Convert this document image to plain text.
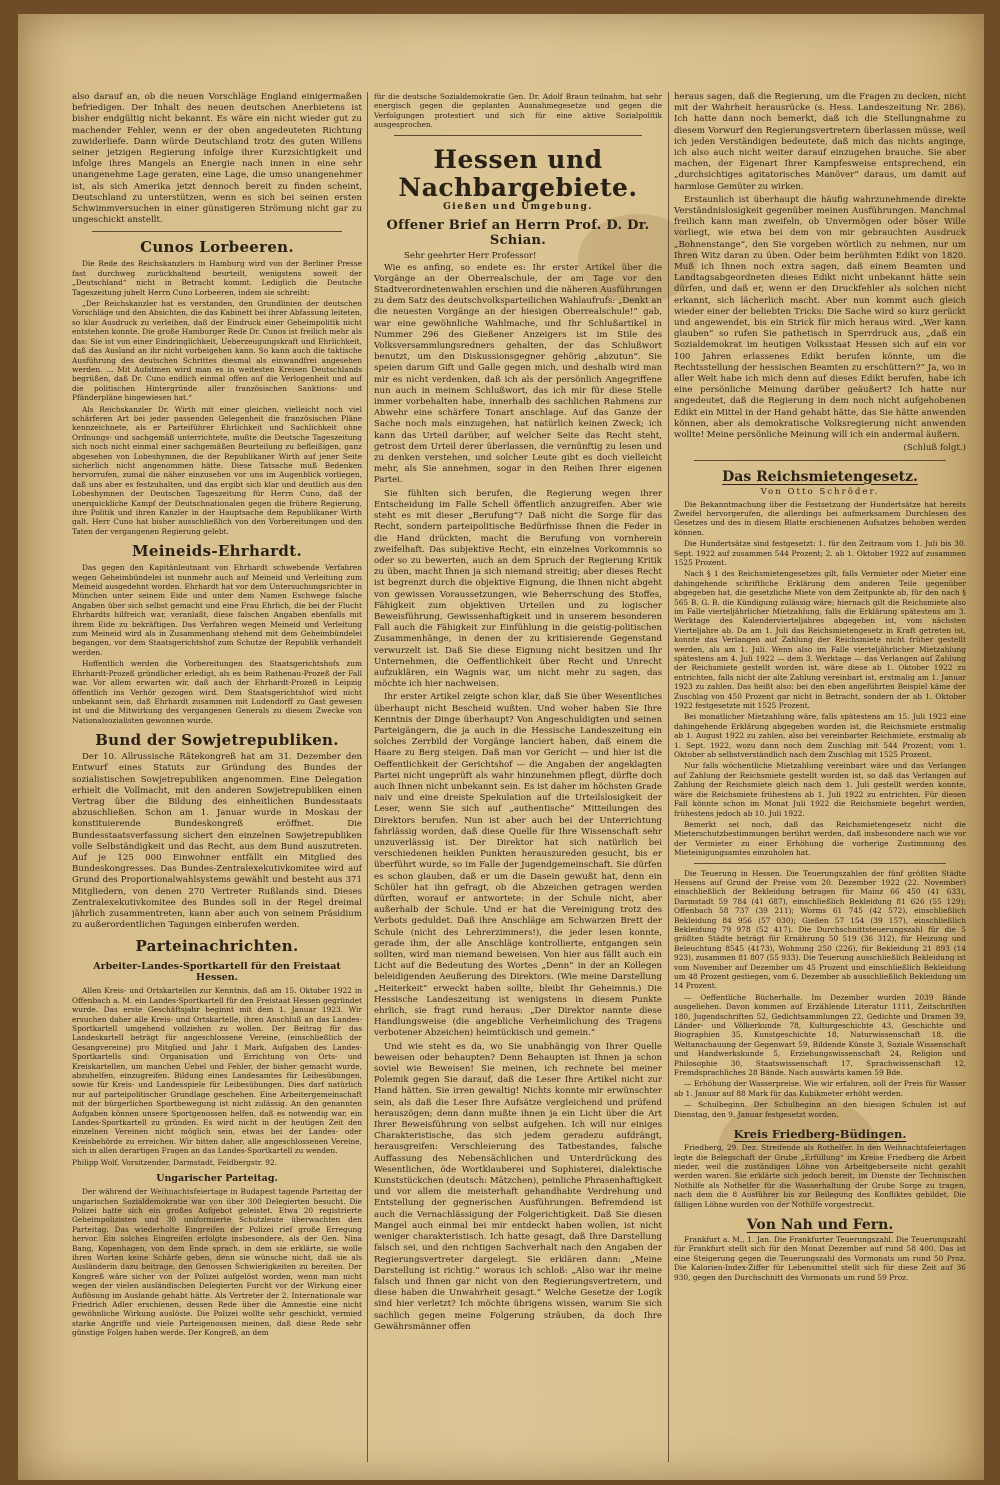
also darauf an, ob die neuen Vorschläge England einigermaßen befriedigen. Der Inhalt des neuen deutschen Anerbietens ist bisher endgültig nicht bekannt. Es wäre ein nicht wieder gut zu machender Fehler, wenn er der oben angedeuteten Richtung zuwiderliefe. Dann würde Deutschland trotz des guten Willens seiner jetzigen Regierung infolge ihrer Kurzsichtigkeit und infolge ihres Mangels an Energie nach innen in eine sehr unangenehme Lage geraten, eine Lage, die umso unangenehmer ist, als sich Amerika jetzt dennoch bereit zu finden scheint, Deutschland zu unterstützen, wenn es sich bei seinen ersten Schwimmversuchen in einer günstigeren Strömung nicht gar zu ungeschickt anstellt.

Cunos Lorbeeren.

Die Rede des Reichskanzlers in Hamburg wird von der Berliner Presse fast durchweg zurückhaltend beurteilt, wenigstens soweit der „Deutschland“ nicht in Betracht kommt. Lediglich die Deutsche Tageszeitung jubelt Herrn Cuno Lorbeeren, indem sie schreibt:

„Der Reichskanzler hat es verstanden, den Grundlinien der deutschen Vorschläge und den Absichten, die das Kabinett bei ihrer Abfassung leiteten, so klar Ausdruck zu verleihen, daß der Eindruck einer Geheimpolitik nicht entstehen konnte. Die große Hamburger Rede Dr. Cunos ist freilich mehr als das: Sie ist von einer Eindringlichkeit, Ueberzeugungskraft und Ehrlichkeit, daß das Ausland an ihr nicht vorbeigehen kann. So kann auch die taktische Ausführung des deutschen Schrittes diesmal als einwandfrei angesehen werden. ... Mit Aufatmen wird man es in weitesten Kreisen Deutschlands begrüßen, daß Dr. Cuno endlich einmal offen auf die Verlogenheit und auf die politischen Hintergründe aller französischen Sanktions- und Pfänderpläne hingewiesen hat.“

Als Reichskanzler Dr. Wirth mit einer gleichen, vielleicht noch viel schärferen Art bei jeder passenden Gelegenheit die französischen Pläne kennzeichnete, als er Parteiführer Ehrlichkeit und Sachlichkeit ohne Ordnungs- und sachgemäß unterrichtete, mußte die Deutsche Tageszeitung sich noch nicht einmal einer sachgemäßen Beurteilung zu befleißigen, ganz abgesehen von Lobeshymnen, die der Republikaner Wirth auf jener Seite sicherlich nicht angenommen hätte. Diese Tatsache muß Bedenken hervorrufen, zumal die näher einzusehen vor uns im Augenblick vorliegen, daß uns aber es festzuhalten, und das ergibt sich klar und deutlich aus den Lobeshymnen der Deutschen Tageszeitung für Herrn Cuno, daß der unerquickliche Kampf der Deutschnationalen gegen die frühere Regierung, ihre Politik und ihren Kanzler in der Hauptsache dem Republikaner Wirth galt. Herr Cuno hat bisher ausschließlich von den Vorbereitungen und den Taten der vergangenen Regierung gelebt.

Meineids-Ehrhardt.

Das gegen den Kapitänleutnant von Ehrhardt schwebende Verfahren wegen Geheimbündelei ist nunmehr auch auf Meineid und Verleitung zum Meineid ausgedehnt worden. Ehrhardt hat vor dem Untersuchungsrichter in München unter seinem Eide und unter dem Namen Eschwege falsche Angaben über sich selbst gemacht und eine Frau Ehrlich, die bei der Flucht Ehrhardts hilfreich war, veranlaßt, diese falschen Angaben ebenfalls mit ihrem Eide zu bekräftigen. Das Verfahren wegen Meineid und Verleitung zum Meineid wird als in Zusammenhang stehend mit dem Geheimbündelei begangen, vor dem Staatsgerichtshof zum Schutze der Republik verhandelt werden.

Hoffentlich werden die Vorbereitungen des Staatsgerichtshofs zum Ehrhardt-Prozeß gründlicher erledigt, als es beim Rathenau-Prozeß der Fall war. Vor allem erwarten wir, daß auch der Ehrhardt-Prozeß in Leipzig öffentlich ins Verhör gezogen wird. Dem Staatsgerichtshof wird nicht unbekannt sein, daß Ehrhardt zusammen mit Ludendorff zu Gast gewesen ist und die Mitwirkung des vergangenen Generals zu diesem Zwecke von Nationalsozialisten gewonnen wurde.

Bund der Sowjetrepubliken.

Der 10. Allrussische Rätekongreß hat am 31. Dezember den Entwurf eines Statuts zur Gründung des Bundes der sozialistischen Sowjetrepubliken angenommen. Eine Delegation erhielt die Vollmacht, mit den anderen Sowjetrepubliken einen Vertrag über die Bildung des einheitlichen Bundesstaats abzuschließen. Schon am 1. Januar wurde in Moskau der konstituierende Bundeskongreß eröffnet. Die Bundesstaatsverfassung sichert den einzelnen Sowjetrepubliken volle Selbständigkeit und das Recht, aus dem Bund auszutreten. Auf je 125 000 Einwohner entfällt ein Mitglied des Bundeskongresses. Das Bundes-Zentralexekutivkomitee wird auf Grund des Proportionalwahlsystems gewählt und besteht aus 371 Mitgliedern, von denen 270 Vertreter Rußlands sind. Dieses Zentralexekutivkomitee des Bundes soll in der Regel dreimal jährlich zusammentreten, kann aber auch von seinem Präsidium zu außerordentlichen Tagungen einberufen werden.

Parteinachrichten.
Arbeiter-Landes-Sportkartell für den Freistaat Hessen.

Allen Kreis- und Ortskartellen zur Kenntnis, daß am 15. Oktober 1922 in Offenbach a. M. ein Landes-Sportkartell für den Freistaat Hessen gegründet wurde. Das erste Geschäftsjahr beginnt mit dem 1. Januar 1923. Wir ersuchen daher alle Kreis- und Ortskartelle, ihren Anschluß an das Landes-Sportkartell umgehend vollziehen zu wollen. Der Beitrag für das Landeskartell beträgt für angeschlossene Vereine, (einschließlich der Gesangvereine) pro Mitglied und Jahr 1 Mark. Aufgaben des Landes-Sportkartells sind: Organisation und Errichtung von Orts- und Kreiskartellen, um manchen Uebel und Fehler, der bisher gemacht wurde, abzuhelfen, einzugreifen. Bildung eines Landesamtes für Leibesübungen, sowie für Kreis- und Landesspiele für Leibesübungen. Dies darf natürlich nur auf parteipolitischer Grundlage geschehen. Eine Arbeitergemeinschaft mit der bürgerlichen Sportbewegung ist nicht zulässig. An den genannten Aufgaben können unsere Sportgenossen helfen, daß es notwendig war, ein Landes-Sportkartell zu gründen. Es wird nicht in der heutigen Zeit den einzelnen Vereinen nicht möglich sein, etwas bei der Landes- oder Kreisbehörde zu erreichen. Wir bitten daher, alle angeschlossenen Vereine, sich in allen derartigen Fragen an das Landes-Sportkartell zu wenden.

Philipp Wolf, Vorsitzender, Darmstadt, Feldbergstr. 92.

Ungarischer Parteitag.

Der während der Weihnachtsfeiertage in Budapest tagende Parteitag der ungarischen Sozialdemokratie war von über 300 Delegierten besucht. Die Polizei hatte sich ein großes Aufgebot geleistet. Etwa 20 registrierte Geheimpolizisten und 30 uniformierte Schutzleute überwachten den Parteitag. Das wiederholte Eingreifen der Polizei rief große Erregung hervor. Ein solches Eingreifen erfolgte insbesondere, als der Gen. Nina Bang, Kopenhagen, von dem Ende sprach, in dem sie erklärte, sie wolle ihren Worten keine Schärfe geben, denn sie wünsche nicht, daß sie als Ausländerin dazu beitrage, den Genossen Schwierigkeiten zu bereiten. Der Kongreß wäre sicher von der Polizei aufgelöst worden, wenn man nicht wegen der vielen ausländischen Delegierten Furcht vor der Wirkung einer Auflösung im Auslande gehabt hätte. Als Vertreter der 2. Internationale war Friedrich Adler erschienen, dessen Rede über die Amnestie eine nicht gewöhnliche Wirkung auslöste. Die Polizei wollte sehr geschickt, vermied starke Angriffe und viele Parteigenossen meinen, daß diese Rede sehr günstige Folgen haben werde. Der Kongreß, an dem

für die deutsche Sozialdemokratie Gen. Dr. Adolf Braun teilnahm, hat sehr energisch gegen die geplanten Ausnahmegesetze und gegen die Verfolgungen protestiert und sich für eine aktive Sozialpolitik ausgesprochen.

Hessen und Nachbargebiete.
Gießen und Umgebung.
Offener Brief an Herrn Prof. D. Dr. Schian.
Sehr geehrter Herr Professor!

Wie es anfing, so endete es: Ihr erster Artikel über die Vorgänge an der Oberrealschule, der am Tage vor den Stadtverordnetenwahlen erschien und die näheren Ausführungen zu dem Satz des deutschvolksparteilichen Wahlaufrufs: „Denkt an die neuesten Vorgänge an der hiesigen Oberrealschule!“ gab, war eine gewöhnliche Wahlmache, und Ihr Schlußartikel in Nummer 296 des Gießener Anzeigers ist im Stile des Volksversammlungsredners gehalten, der das Schlußwort benutzt, um den Diskussionsgegner gehörig „abzutun“. Sie speien darum Gift und Galle gegen mich, und deshalb wird man mir es nicht verdenken, daß ich als der persönlich Angegriffene nun auch in meinem Schlußwort, das ich mir für diese Stelle immer vorbehalten habe, innerhalb des sachlichen Rahmens zur Abwehr eine schärfere Tonart anschlage. Auf das Ganze der Sache noch mals einzugehen, hat natürlich keinen Zweck; ich kann das Urteil darüber, auf welcher Seite das Recht steht, getrost dem Urteil derer überlassen, die vernünftig zu lesen und zu denken verstehen, und solcher Leute gibt es doch vielleicht mehr, als Sie annehmen, sogar in den Reihen Ihrer eigenen Partei.

Sie fühlten sich berufen, die Regierung wegen ihrer Entscheidung im Falle Schell öffentlich anzugreifen. Aber wie steht es mit dieser „Berufung“? Daß nicht die Sorge für das Recht, sondern parteipolitische Bedürfnisse Ihnen die Feder in die Hand drückten, macht die Berufung von vornherein zweifelhaft. Das subjektive Recht, ein einzelnes Vorkommnis so oder so zu bewerten, auch an dem Spruch der Regierung Kritik zu üben, macht Ihnen ja sich niemand streitig; aber dieses Recht ist begrenzt durch die objektive Eignung, die Ihnen nicht abgeht von gewissen Voraussetzungen, wie Beherrschung des Stoffes, Fähigkeit zum objektiven Urteilen und zu logischer Beweisführung, Gewissenhaftigkeit und in unserem besonderen Fall auch die Fähigkeit zur Einfühlung in die geistig-politischen Zusammenhänge, in denen der zu kritisierende Gegenstand verwurzelt ist. Daß Sie diese Eignung nicht besitzen und Ihr Unternehmen, die Oeffentlichkeit über Recht und Unrecht aufzuklären, ein Wagnis war, um nicht mehr zu sagen, das möchte ich hier nachweisen.

Ihr erster Artikel zeigte schon klar, daß Sie über Wesentliches überhaupt nicht Bescheid wußten. Und woher haben Sie Ihre Kenntnis der Dinge überhaupt? Von Angeschuldigten und seinen Parteigängern, die ja auch in die Hessische Landeszeitung ein solches Zerrbild der Vorgänge lanciert haben, daß einem die Haare zu Berg steigen. Daß man vor Gericht — und hier ist die Oeffentlichkeit der Gerichtshof — die Angaben der angeklagten Partei nicht ungeprüft als wahr hinzunehmen pflegt, dürfte doch auch Ihnen nicht unbekannt sein. Es ist daher im höchsten Grade naiv und eine dreiste Spekulation auf die Urteilslosigkeit der Leser, wenn Sie sich auf „authentische“ Mitteilungen des Direktors berufen. Nun ist aber auch bei der Unterrichtung fahrlässig worden, daß diese Quelle für Ihre Wissenschaft sehr unzuverlässig ist. Der Direktor hat sich natürlich bei verschiedenen heiklen Punkten herauszureden gesucht, bis er überführt wurde, so im Falle der Jugendgemeinschaft. Sie dürfen es schon glauben, daß er um die Dasein gewußt hat, denn ein Schüler hat ihn gefragt, ob die Abzeichen getragen werden dürften, worauf er antwortete: in der Schule nicht, aber außerhalb der Schule. Und er hat die Vereinigung trotz des Verbots geduldet. Daß ihre Anschläge am Schwarzen Brett der Schule (nicht des Lehrerzimmers!), die jeder lesen konnte, gerade ihm, der alle Anschläge kontrollierte, entgangen sein sollten, wird man niemand beweisen. Von hier aus fällt auch ein Licht auf die Bedeutung des Wortes „Denn“ in der an Kollegen beleidigenden Aeußerung des Direktors. (Wie meine Darstellung „Heiterkeit“ erweckt haben sollte, bleibt Ihr Geheimnis.) Die Hessische Landeszeitung ist wenigstens in diesem Punkte ehrlich, sie fragt rund heraus: „Der Direktor nannte diese Handlungsweise (die angebliche Verheimlichung des Tragens verbotener Abzeichen) heimtückisch und gemein.“

Und wie steht es da, wo Sie unabhängig von Ihrer Quelle beweisen oder behaupten? Denn Behaupten ist Ihnen ja schon soviel wie Beweisen! Sie meinen, ich rechnete bei meiner Polemik gegen Sie darauf, daß die Leser Ihre Artikel nicht zur Hand hätten. Sie irren gewaltig! Nichts konnte mir erwünschter sein, als daß die Leser Ihre Aufsätze vergleichend und prüfend herauszögen; denn dann mußte ihnen ja ein Licht über die Art Ihrer Beweisführung von selbst aufgehen. Ich will nur einiges Charakteristische, das sich jedem geradezu aufdrängt, herausgreifen: Verschleierung des Tatbestandes, falsche Auffassung des Nebensächlichen und Unterdrückung des Wesentlichen, öde Wortklauberei und Sophisterei, dialektische Kunststückchen (deutsch: Mätzchen), peinliche Phrasenhaftigkeit und vor allem die meisterhaft gehandhabte Verdrehung und Entstellung der gegnerischen Ausführungen. Befremdend ist auch die Vernachlässigung der Folgerichtigkeit. Daß Sie diesen Mangel auch einmal bei mir entdeckt haben wollen, ist nicht weniger charakteristisch. Ich hatte gesagt, daß Ihre Darstellung falsch sei, und den richtigen Sachverhalt nach den Angaben der Regierungsvertreter dargelegt. Sie erklären dann: „Meine Darstellung ist richtig.“ woraus ich schloß: „Also war ihr meine falsch und Ihnen gar nicht von den Regierungsvertretern, und diese haben die Unwahrheit gesagt.“ Welche Gesetze der Logik sind hier verletzt? Ich möchte übrigens wissen, warum Sie sich sachlich gegen meine Folgerung sträuben, da doch Ihre Gewährsmänner offen

heraus sagen, daß die Regierung, um die Fragen zu decken, nicht mit der Wahrheit herausrücke (s. Hess. Landeszeitung Nr. 286). Ich hatte dann noch bemerkt, daß ich die Stellungnahme zu diesem Vorwurf den Regierungsvertretern überlassen müsse, weil ich jeden Verständigen bedeutete, daß mich das nichts anginge, ich also auch nicht weiter darauf einzugehen brauche. Sie aber machen, der Eigenart Ihrer Kampfesweise entsprechend, ein „durchsichtiges agitatorisches Manöver“ daraus, um damit auf harmlose Gemüter zu wirken.

Erstaunlich ist überhaupt die häufig wahrzunehmende direkte Verständnislosigkeit gegenüber meinen Ausführungen. Manchmal freilich kann man zweifeln, ob Unvermögen oder böser Wille vorliegt, wie etwa bei dem von mir gebrauchten Ausdruck „Bohnenstange“, den Sie vorgeben wörtlich zu nehmen, nur um Ihren Witz daran zu üben. Oder beim berühmten Edikt von 1820. Muß ich Ihnen noch extra sagen, daß einem Beamten und Landtagsabgeordneten dieses Edikt nicht unbekannt hätte sein dürfen, und daß er, wenn er den Druckfehler als solchen nicht erkannt, sich lächerlich macht. Aber nun kommt auch gleich wieder einer der beliebten Tricks: Die Sache wird so kurz gerückt und angewendet, bis ein Strick für mich heraus wird. „Wer kann glauben“ so rufen Sie pathetisch in Sperrdruck aus, „daß ein Sozialdemokrat im heutigen Volksstaat Hessen sich auf ein vor 100 Jahren erlassenes Edikt berufen könnte, um die Rechtsstellung der hessischen Beamten zu erschüttern?“ Ja, wo in aller Welt habe ich mich denn auf dieses Edikt berufen, habe ich eine persönliche Meinung darüber geäußert? Ich hatte nur angedeutet, daß die Regierung in dem noch nicht aufgehobenen Edikt ein Mittel in der Hand gehabt hätte, das Sie hätte anwenden können, aber als demokratische Volksregierung nicht anwenden wollte! Meine persönliche Meinung will ich ein andermal äußern.

(Schluß folgt.)

Das Reichsmietengesetz.
Von Otto Schröder.

Die Bekanntmachung über die Festsetzung der Hundertsätze hat bereits Zweifel hervorgerufen, die allerdings bei aufmerksamem Durchlesen des Gesetzes und des in diesem Blatte erschienenen Aufsatzes behoben werden können.

Die Hundertsätze sind festgesetzt: 1. für den Zeitraum vom 1. Juli bis 30. Sept. 1922 auf zusammen 544 Prozent; 2. ab 1. Oktober 1922 auf zusammen 1525 Prozent.

Nach § 1 des Reichsmietengesetzes gilt, falls Vermieter oder Mieter eine dahingehende schriftliche Erklärung dem anderen Teile gegenüber abgegeben hat, die gesetzliche Miete von dem Zeitpunkte ab, für den nach § 565 B. G. B. die Kündigung zulässig wäre; hiernach gilt die Reichsmiete also im Falle vierteljährlicher Mietzahlung, falls die Erklärung spätestens am 3. Werktage des Kalendervierteljahres abgegeben ist, vom nächsten Vierteljahre ab. Da am 1. Juli das Reichsmietengesetz in Kraft getreten ist, konnte das Verlangen auf Zahlung der Reichsmiete nicht früher gestellt werden, als am 1. Juli. Wenn also im Falle vierteljährlicher Mietzahlung spätestens am 4. Juli 1922 — dem 3. Werktage — das Verlangen auf Zahlung der Reichsmiete gestellt worden ist, wäre diese ab 1. Oktober 1922 zu entrichten, falls nicht der alte Zahlung vereinbart ist, erstmalig am 1. Januar 1923 zu zahlen. Das heißt also: bei den eben angeführten Beispiel käme der Zuschlag von 450 Prozent gar nicht in Betracht, sondern der ab 1. Oktober 1922 festgesetzte mit 1525 Prozent.

Bei monatlicher Mietzahlung wäre, falls spätestens am 15. Juli 1922 eine dahingehende Erklärung abgegeben worden ist, die Reichsmiete erstmalig ab 1. August 1922 zu zahlen, also bei vereinbarter Reichmiete, erstmalig ab 1. Sept. 1922, wozu dann noch dem Zuschlag mit 544 Prozent; vom 1. Oktober ab selbstverständlich nach dem Zuschlag mit 1525 Prozent.

Nur falls wöchentliche Mietzahlung vereinbart wäre und das Verlangen auf Zahlung der Reichsmiete gestellt worden ist, so daß das Verlangen auf Zahlung der Reichsmiete gleich nach dem 1. Juli gestellt werden konnte, wäre die Reichsmiete frühestens ab 1. Juli 1922 zu entrichten. Für diesen Fall könnte schon im Monat Juli 1922 die Reichsmiete begehrt werden, frühestens jedoch ab 10. Juli 1922.

Bemerkt sei noch, daß das Reichsmietengesetz nicht die Mieterschutzbestimmungen berührt werden, daß insbesondere nach wie vor der Vermieter zu einer Erhöhung die vorherige Zustimmung des Mieteinigungsamtes einzuholen hat.

Die Teuerung in Hessen. Die Teuerungszahlen der fünf größten Städte Hessens auf Grund der Preise vom 20. Dezember 1922 (22. November) einschließlich der Bekleidung betragen für Mainz 66 450 (41 633), Darmstadt 59 784 (41 687), einschließlich Bekleidung 81 626 (55 129); Offenbach 58 737 (39 211); Worms 61 745 (42 572), einschließlich Bekleidung 84 956 (57 030); Gießen 57 154 (39 157), einschließlich Bekleidung 79 978 (52 417). Die Durchschnittsteuerungszahl für die 5 größten Städte beträgt für Ernährung 50 519 (36 312), für Heizung und Beleuchtung 8545 (4173), Wohnung 250 (226), für Bekleidung 21 893 (14 923), zusammen 81 807 (55 933). Die Teuerung ausschließlich Bekleidung ist vom November auf Dezember um 45 Prozent und einschließlich Bekleidung um 48 Prozent gestiegen, vom 6. Dezember ab ausschließlich Bekleidung um 14 Prozent.

— Oeffentliche Bücherhalle. Im Dezember wurden 2039 Bände ausgeliehen. Davon kommen auf Erzählende Literatur 1111, Zeitschriften 180, Jugendschriften 52, Gedichtsammlungen 22, Gedichte und Dramen 39, Länder- und Völkerkunde 78, Kulturgeschichte 43, Geschichte und Biographien 35, Kunstgeschichte 18, Naturwissenschaft 18, die Weltanschauung der Gegenwart 59, Bildende Künste 3, Soziale Wissenschaft und Handwerkskunde 5, Erziehungswissenschaft 24, Religion und Philosophie 30, Staatswissenschaft 17, Sprachwissenschaft 12, Fremdsprachliches 28 Bände. Nach auswärts kamen 59 Bde.

— Erhöhung der Wasserpreise. Wie wir erfahren, soll der Preis für Wasser ab 1. Januar auf 88 Mark für das Kubikmeter erhöht werden.

— Schulbeginn. Der Schulbeginn an den hiesigen Schulen ist auf Dienstag, den 9. Januar festgesetzt worden.

Kreis Friedberg-Büdingen.

Friedberg, 29. Dez. Streifende als Rothelfer. In den Weihnachtsfeiertagen legte die Belegschaft der Grube „Erfüllung“ im Kreise Friedberg die Arbeit nieder, weil die zuständigen Löhne von Arbeitgeberseite nicht gezahlt werden waren. Sie erklärte sich jedoch bereit, im Dienste der Technischen Nothilfe als Nothelfer für die Wasserhaltung der Grube Sorge zu tragen, nach dem die 8 Ausführer bis zur Beilegung des Konfliktes gebildet. Die fälligen Löhne wurden von der Nothilfe vorgestreckt.

Von Nah und Fern.

Frankfurt a. M., 1. Jan. Die Frankfurter Teuerungszahl. Die Teuerungszahl für Frankfurt stellt sich für den Monat Dezember auf rund 58 400. Das ist eine Steigerung gegen die Teuerungszahl des Vormonats um rund 50 Proz. Die Kalorien-Index-Ziffer für Lebensmittel stellt sich für diese Zeit auf 36 930, gegen den Durchschnitt des Vormonats um rund 59 Proz.
